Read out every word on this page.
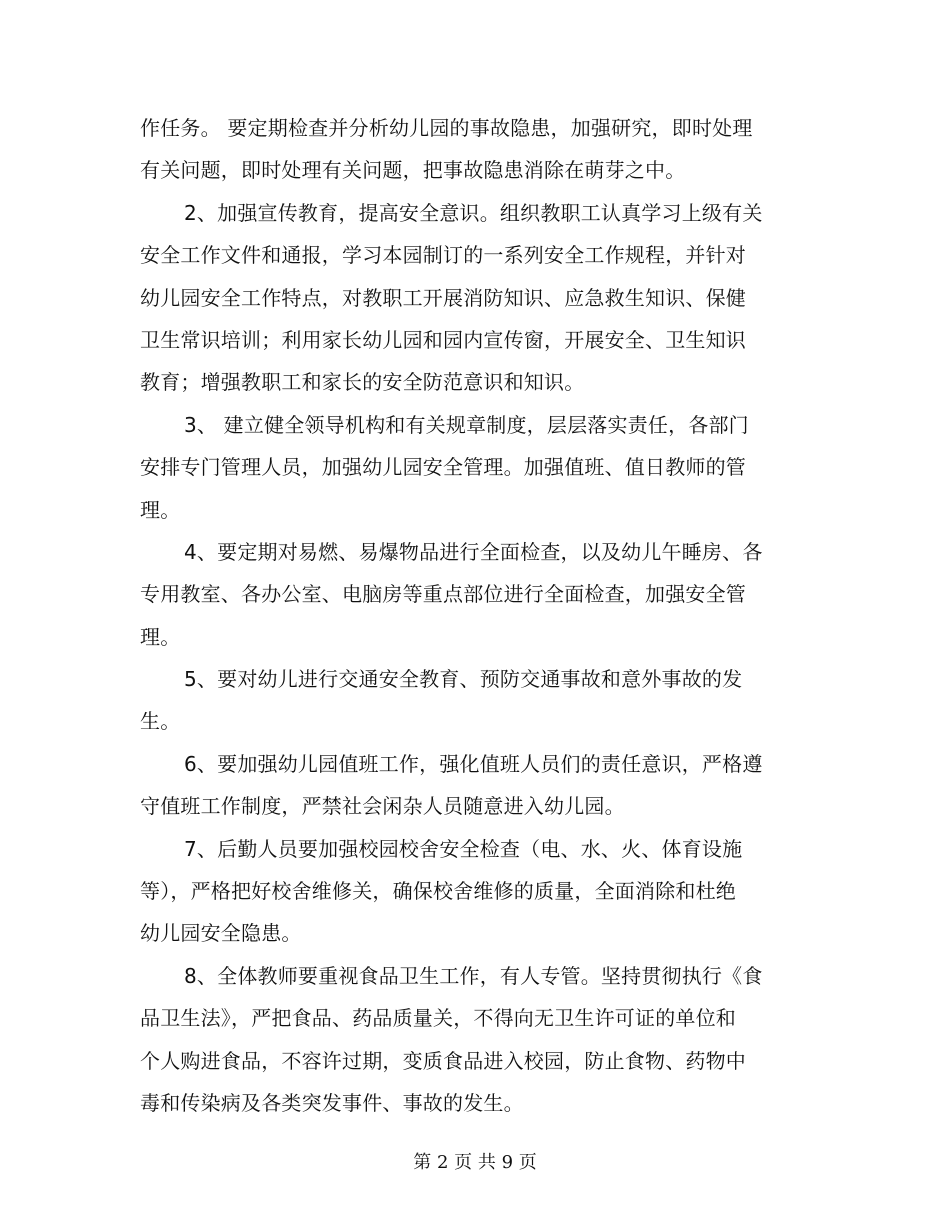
作任务。 要定期检查并分析幼儿园的事故隐患，加强研究，即时处理
有关问题，即时处理有关问题，把事故隐患消除在萌芽之中。
2、加强宣传教育，提高安全意识。组织教职工认真学习上级有关
安全工作文件和通报，学习本园制订的一系列安全工作规程，并针对
幼儿园安全工作特点，对教职工开展消防知识、应急救生知识、保健
卫生常识培训；利用家长幼儿园和园内宣传窗，开展安全、卫生知识
教育；增强教职工和家长的安全防范意识和知识。
3、 建立健全领导机构和有关规章制度，层层落实责任，各部门
安排专门管理人员，加强幼儿园安全管理。加强值班、值日教师的管
理。
4、要定期对易燃、易爆物品进行全面检查，以及幼儿午睡房、各
专用教室、各办公室、电脑房等重点部位进行全面检查，加强安全管
理。
5、要对幼儿进行交通安全教育、预防交通事故和意外事故的发
生。
6、要加强幼儿园值班工作，强化值班人员们的责任意识，严格遵
守值班工作制度，严禁社会闲杂人员随意进入幼儿园。
7、后勤人员要加强校园校舍安全检查（电、水、火、体育设施
等），严格把好校舍维修关，确保校舍维修的质量，全面消除和杜绝
幼儿园安全隐患。
8、全体教师要重视食品卫生工作，有人专管。坚持贯彻执行《食
品卫生法》，严把食品、药品质量关，不得向无卫生许可证的单位和
个人购进食品，不容许过期，变质食品进入校园，防止食物、药物中
毒和传染病及各类突发事件、事故的发生。
第 2 页 共 9 页
